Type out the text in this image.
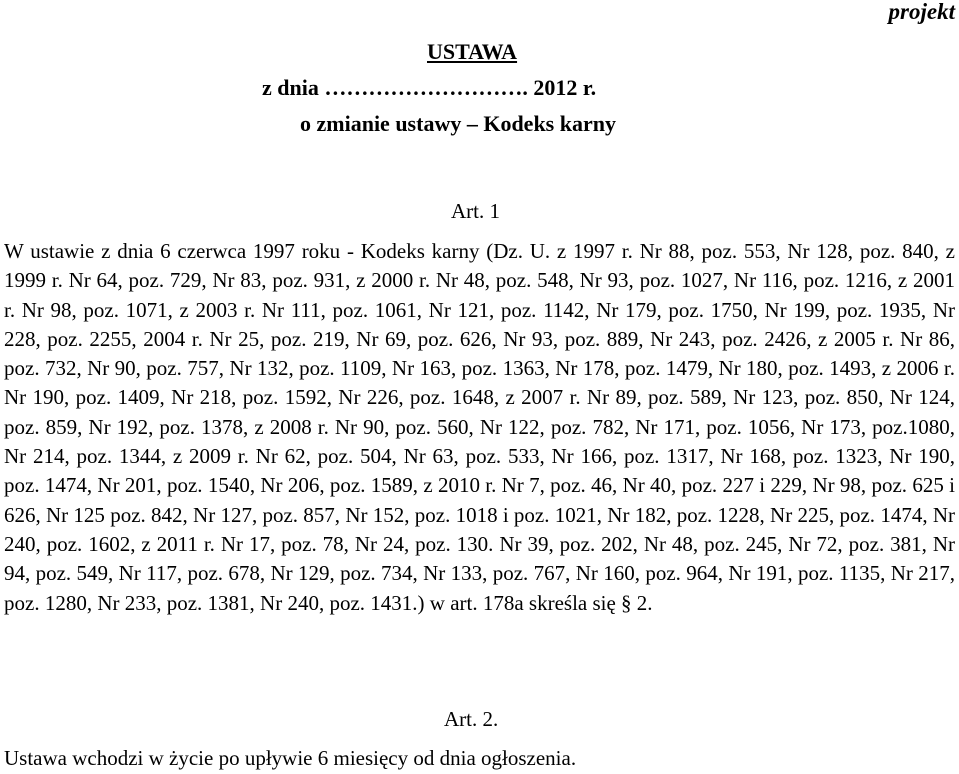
projekt
USTAWA
z dnia ………………………. 2012 r.
o zmianie ustawy – Kodeks karny
Art. 1
W ustawie z dnia 6 czerwca 1997 roku - Kodeks karny (Dz. U. z 1997 r. Nr 88, poz. 553, Nr 128, poz. 840, z 1999 r. Nr 64, poz. 729, Nr 83, poz. 931, z 2000 r. Nr 48, poz. 548, Nr 93, poz. 1027, Nr 116, poz. 1216, z 2001 r. Nr 98, poz. 1071, z 2003 r. Nr 111, poz. 1061, Nr 121, poz. 1142, Nr 179, poz. 1750, Nr 199, poz. 1935, Nr 228, poz. 2255, 2004 r. Nr 25, poz. 219, Nr 69, poz. 626, Nr 93, poz. 889, Nr 243, poz. 2426, z 2005 r. Nr 86, poz. 732, Nr 90, poz. 757, Nr 132, poz. 1109, Nr 163, poz. 1363, Nr 178, poz. 1479, Nr 180, poz. 1493, z 2006 r. Nr 190, poz. 1409, Nr 218, poz. 1592, Nr 226, poz. 1648, z 2007 r. Nr 89, poz. 589, Nr 123, poz. 850, Nr 124, poz. 859, Nr 192, poz. 1378, z 2008 r. Nr 90, poz. 560, Nr 122, poz. 782, Nr 171, poz. 1056, Nr 173, poz.1080, Nr 214, poz. 1344, z 2009 r. Nr 62, poz. 504, Nr 63, poz. 533, Nr 166, poz. 1317, Nr 168, poz. 1323, Nr 190, poz. 1474, Nr 201, poz. 1540, Nr 206, poz. 1589, z 2010 r. Nr 7, poz. 46, Nr 40, poz. 227 i 229, Nr 98, poz. 625 i 626, Nr 125 poz. 842, Nr 127, poz. 857, Nr 152, poz. 1018 i poz. 1021, Nr 182, poz. 1228, Nr 225, poz. 1474, Nr 240, poz. 1602, z 2011 r. Nr 17, poz. 78, Nr 24, poz. 130. Nr 39, poz. 202, Nr 48, poz. 245, Nr 72, poz. 381, Nr 94, poz. 549, Nr 117, poz. 678, Nr 129, poz. 734, Nr 133, poz. 767, Nr 160, poz. 964, Nr 191, poz. 1135, Nr 217, poz. 1280, Nr 233, poz. 1381, Nr 240, poz. 1431.) w art. 178a skreśla się § 2.
Art. 2.
Ustawa wchodzi w życie po upływie 6 miesięcy od dnia ogłoszenia.
